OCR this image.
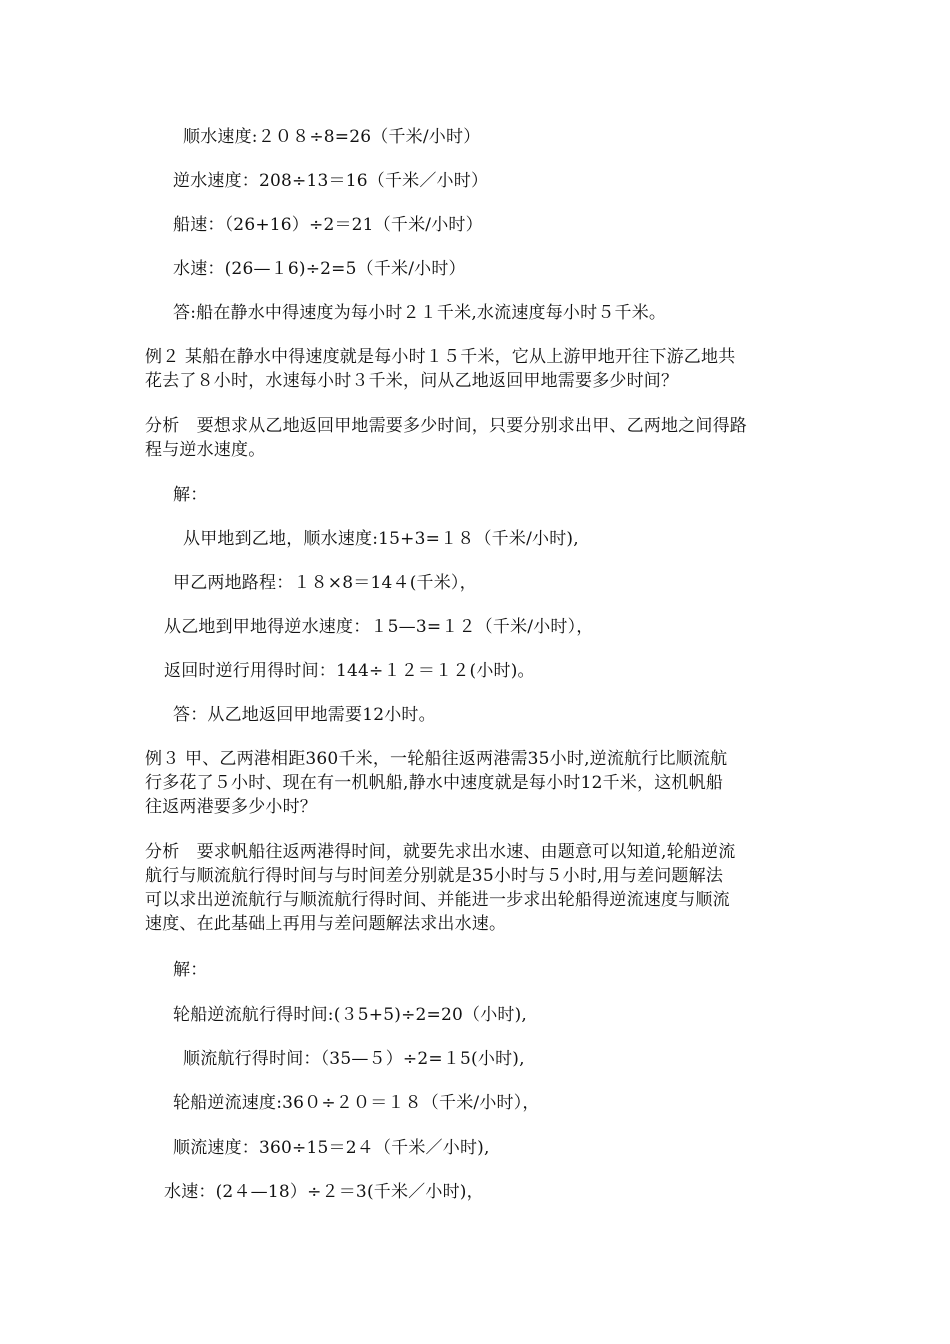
顺水速度:２０８÷8=26（千米/小时）
逆水速度：208÷13＝16（千米／小时）
船速：（26+16）÷2＝21（千米/小时）
水速：(26—１6)÷2=5（千米/小时）
答:船在静水中得速度为每小时２１千米,水流速度每小时５千米。
例２ 某船在静水中得速度就是每小时１５千米，它从上游甲地开往下游乙地共
花去了８小时，水速每小时３千米，问从乙地返回甲地需要多少时间？
分析　要想求从乙地返回甲地需要多少时间，只要分别求出甲、乙两地之间得路
程与逆水速度。
解：
从甲地到乙地，顺水速度:15+3=１８（千米/小时),
甲乙两地路程：１８×8＝14４(千米），
从乙地到甲地得逆水速度：１5—3=１２（千米/小时），
返回时逆行用得时间：144÷１２＝１２(小时)。
答：从乙地返回甲地需要12小时。
例３ 甲、乙两港相距360千米，一轮船往返两港需35小时,逆流航行比顺流航
行多花了５小时、现在有一机帆船,静水中速度就是每小时12千米，这机帆船
往返两港要多少小时？
分析　要求帆船往返两港得时间，就要先求出水速、由题意可以知道,轮船逆流
航行与顺流航行得时间与与时间差分别就是35小时与５小时,用与差问题解法
可以求出逆流航行与顺流航行得时间、并能进一步求出轮船得逆流速度与顺流
速度、在此基础上再用与差问题解法求出水速。
解：
轮船逆流航行得时间:(３5+5)÷2=20（小时),
顺流航行得时间：（35—５）÷2=１5(小时),
轮船逆流速度:36０÷２０＝１８（千米/小时），
顺流速度：360÷15＝2４（千米／小时),
水速：(2４—18）÷２＝3(千米／小时)，
